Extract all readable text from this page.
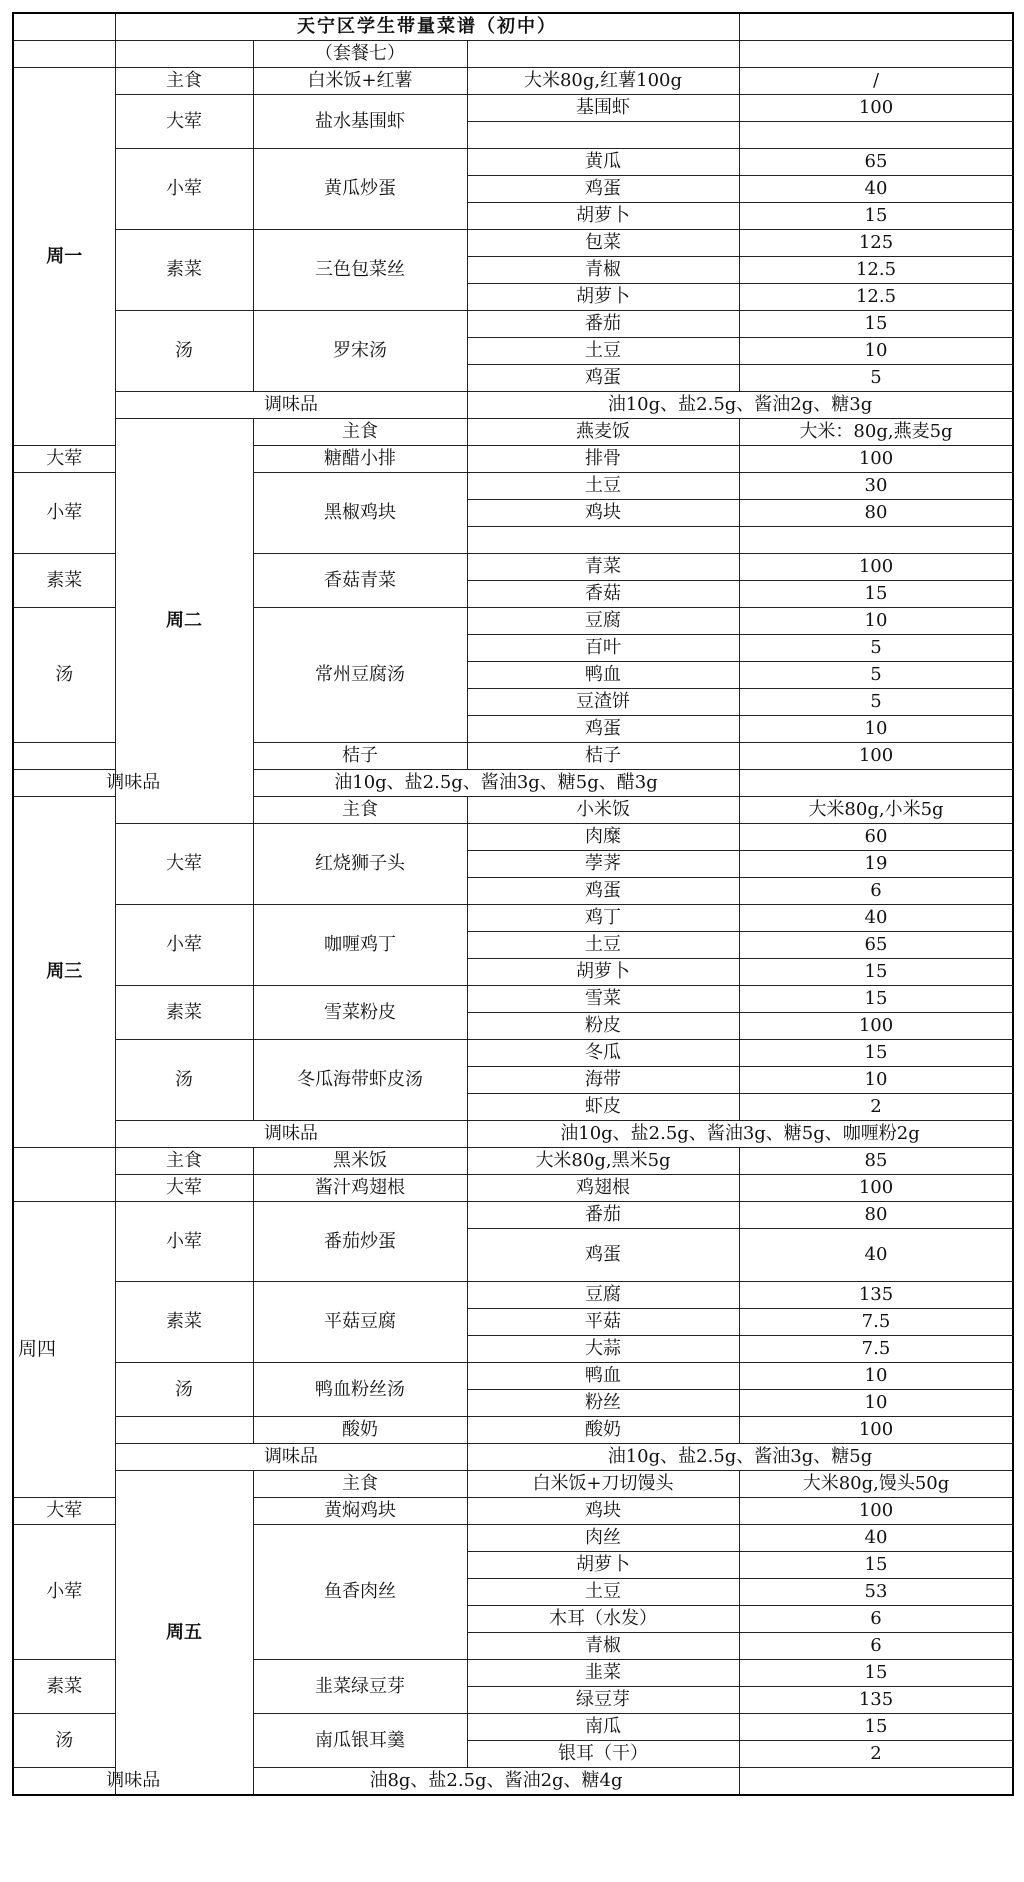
	天宁区学生带量菜谱（初中）				
		（套餐七）			
周一	主食	白米饭+红薯	大米80g,红薯100g	/	
	大荤	盐水基围虾	基围虾	100	

	小荤	黄瓜炒蛋	黄瓜	65	
			鸡蛋	40	
			胡萝卜	15	
	素菜	三色包菜丝	包菜	125	
			青椒	12.5	
			胡萝卜	12.5	
	汤	罗宋汤	番茄	15	
			土豆	10	
			鸡蛋	5	
	调味品		油10g、盐2.5g、酱油2g、糖3g		
	周二	主食	燕麦饭	大米：80g,燕麦5g	
大荤		糖醋小排	排骨	100	
小荤		黑椒鸡块	土豆	30	
			鸡块	80	

素菜		香菇青菜	青菜	100	
			香菇	15	
汤		常州豆腐汤	豆腐	10	
			百叶	5	
			鸭血	5	
			豆渣饼	5	
			鸡蛋	10	
		桔子	桔子	100	
调味品		油10g、盐2.5g、酱油3g、糖5g、醋3g			
周三		主食	小米饭	大米80g,小米5g	
	大荤	红烧狮子头	肉糜	60	
			荸荠	19	
			鸡蛋	6	
	小荤	咖喱鸡丁	鸡丁	40	
			土豆	65	
			胡萝卜	15	
	素菜	雪菜粉皮	雪菜	15	
			粉皮	100	
	汤	冬瓜海带虾皮汤	冬瓜	15	
			海带	10	
			虾皮	2	
	调味品		油10g、盐2.5g、酱油3g、糖5g、咖喱粉2g		
	主食	黑米饭	大米80g,黑米5g	85	
	大荤	酱汁鸡翅根	鸡翅根	100	
周四	小荤	番茄炒蛋	番茄	80	
			鸡蛋	40	
	素菜	平菇豆腐	豆腐	135	
			平菇	7.5	
			大蒜	7.5	
	汤	鸭血粉丝汤	鸭血	10	
			粉丝	10	
		酸奶	酸奶	100	
	调味品		油10g、盐2.5g、酱油3g、糖5g		
	周五	主食	白米饭+刀切馒头	大米80g,馒头50g	
大荤		黄焖鸡块	鸡块	100	
小荤		鱼香肉丝	肉丝	40	
			胡萝卜	15	
			土豆	53	
			木耳（水发）	6	
			青椒	6	
素菜		韭菜绿豆芽	韭菜	15	
			绿豆芽	135	
汤		南瓜银耳羹	南瓜	15	
			银耳（干）	2	
调味品		油8g、盐2.5g、酱油2g、糖4g			
